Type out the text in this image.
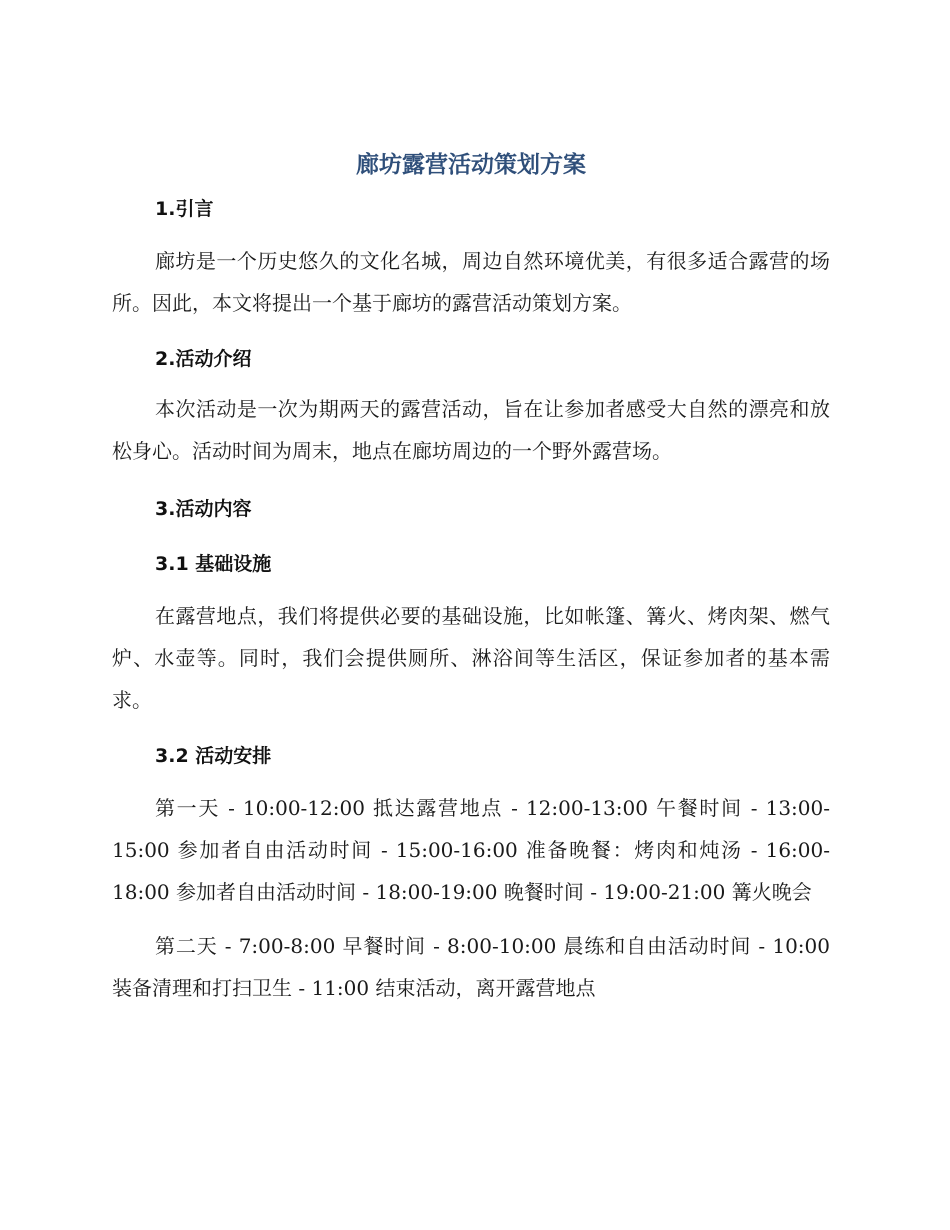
廊坊露营活动策划方案
1.引言

廊坊是一个历史悠久的文化名城，周边自然环境优美，有很多适合露营的场所。因此，本文将提出一个基于廊坊的露营活动策划方案。

2.活动介绍

本次活动是一次为期两天的露营活动，旨在让参加者感受大自然的漂亮和放松身心。活动时间为周末，地点在廊坊周边的一个野外露营场。

3.活动内容
3.1 基础设施

在露营地点，我们将提供必要的基础设施，比如帐篷、篝火、烤肉架、燃气炉、水壶等。同时，我们会提供厕所、淋浴间等生活区，保证参加者的基本需求。

3.2 活动安排

第一天 - 10:00-12:00 抵达露营地点 - 12:00-13:00 午餐时间 - 13:00-15:00 参加者自由活动时间 - 15:00-16:00 准备晚餐：烤肉和炖汤 - 16:00-18:00 参加者自由活动时间 - 18:00-19:00 晚餐时间 - 19:00-21:00 篝火晚会

第二天 - 7:00-8:00 早餐时间 - 8:00-10:00 晨练和自由活动时间 - 10:00 装备清理和打扫卫生 - 11:00 结束活动，离开露营地点
